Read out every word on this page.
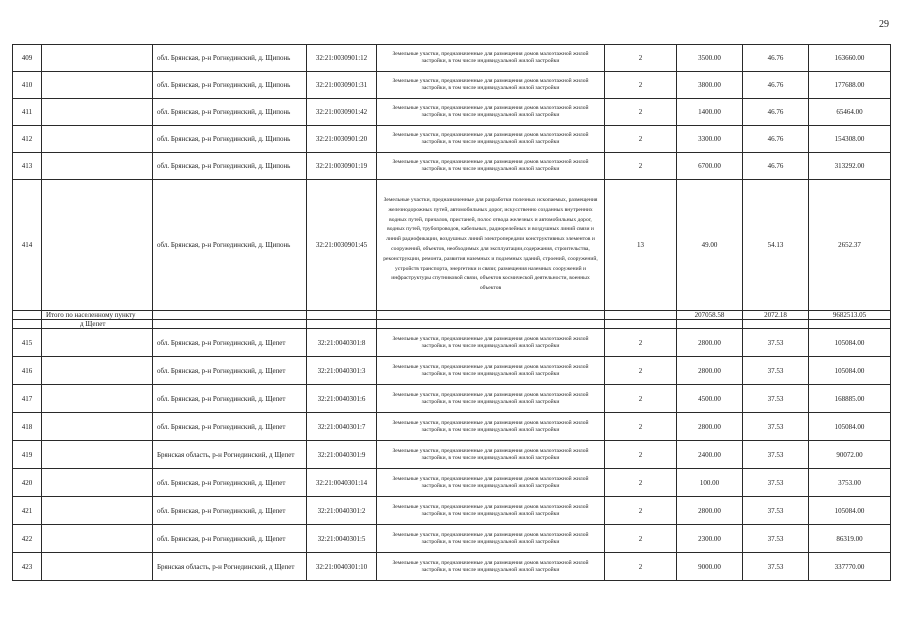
29
409		обл. Брянская, р-н Рогнединский, д. Щипонь	32:21:0030901:12	Земельные участки, предназначенные для размещения домов малоэтажной жилой застройки, в том числе индивидуальной жилой застройки	2	3500.00	46.76	163660.00
410		обл. Брянская, р-н Рогнединский, д. Щипонь	32:21:0030901:31	Земельные участки, предназначенные для размещения домов малоэтажной жилой застройки, в том числе индивидуальной жилой застройки	2	3800.00	46.76	177688.00
411		обл. Брянская, р-н Рогнединский, д. Щипонь	32:21:0030901:42	Земельные участки, предназначенные для размещения домов малоэтажной жилой застройки, в том числе индивидуальной жилой застройки	2	1400.00	46.76	65464.00
412		обл. Брянская, р-н Рогнединский, д. Щипонь	32:21:0030901:20	Земельные участки, предназначенные для размещения домов малоэтажной жилой застройки, в том числе индивидуальной жилой застройки	2	3300.00	46.76	154308.00
413		обл. Брянская, р-н Рогнединский, д. Щипонь	32:21:0030901:19	Земельные участки, предназначенные для размещения домов малоэтажной жилой застройки, в том числе индивидуальной жилой застройки	2	6700.00	46.76	313292.00
414		обл. Брянская, р-н Рогнединский, д. Щипонь	32:21:0030901:45	Земельные участки, предназначенные для разработки полезных ископаемых, размещения железнодорожных путей, автомобильных дорог, искусственно созданных внутренних водных путей, причалов, пристаней, полос отвода железных и автомобильных дорог, водных путей, трубопроводов, кабельных, радиорелейных и воздушных линий связи и линий радиофикации, воздушных линий электропередачи конструктивных элементов и сооружений, объектов, необходимых для эксплуатации,содержания, строительства, реконструкции, ремонта, развития наземных и подземных зданий, строений, сооружений, устройств транспорта, энергетики и связи; размещения наземных сооружений и инфраструктуры спутниковой связи, объектов космической деятельности, военных объектов	13	49.00	54.13	2652.37
	Итого по населенному пункту					207058.58	2072.18	9682513.05
	д Щепет							
415		обл. Брянская, р-н Рогнединский, д. Щепет	32:21:0040301:8	Земельные участки, предназначенные для размещения домов малоэтажной жилой застройки, в том числе индивидуальной жилой застройки	2	2800.00	37.53	105084.00
416		обл. Брянская, р-н Рогнединский, д. Щепет	32:21:0040301:3	Земельные участки, предназначенные для размещения домов малоэтажной жилой застройки, в том числе индивидуальной жилой застройки	2	2800.00	37.53	105084.00
417		обл. Брянская, р-н Рогнединский, д. Щепет	32:21:0040301:6	Земельные участки, предназначенные для размещения домов малоэтажной жилой застройки, в том числе индивидуальной жилой застройки	2	4500.00	37.53	168885.00
418		обл. Брянская, р-н Рогнединский, д. Щепет	32:21:0040301:7	Земельные участки, предназначенные для размещения домов малоэтажной жилой застройки, в том числе индивидуальной жилой застройки	2	2800.00	37.53	105084.00
419		Брянская область, р-н Рогнединский, д Щепет	32:21:0040301:9	Земельные участки, предназначенные для размещения домов малоэтажной жилой застройки, в том числе индивидуальной жилой застройки	2	2400.00	37.53	90072.00
420		обл. Брянская, р-н Рогнединский, д. Щепет	32:21:0040301:14	Земельные участки, предназначенные для размещения домов малоэтажной жилой застройки, в том числе индивидуальной жилой застройки	2	100.00	37.53	3753.00
421		обл. Брянская, р-н Рогнединский, д. Щепет	32:21:0040301:2	Земельные участки, предназначенные для размещения домов малоэтажной жилой застройки, в том числе индивидуальной жилой застройки	2	2800.00	37.53	105084.00
422		обл. Брянская, р-н Рогнединский, д. Щепет	32:21:0040301:5	Земельные участки, предназначенные для размещения домов малоэтажной жилой застройки, в том числе индивидуальной жилой застройки	2	2300.00	37.53	86319.00
423		Брянская область, р-н Рогнединский, д Щепет	32:21:0040301:10	Земельные участки, предназначенные для размещения домов малоэтажной жилой застройки, в том числе индивидуальной жилой застройки	2	9000.00	37.53	337770.00
